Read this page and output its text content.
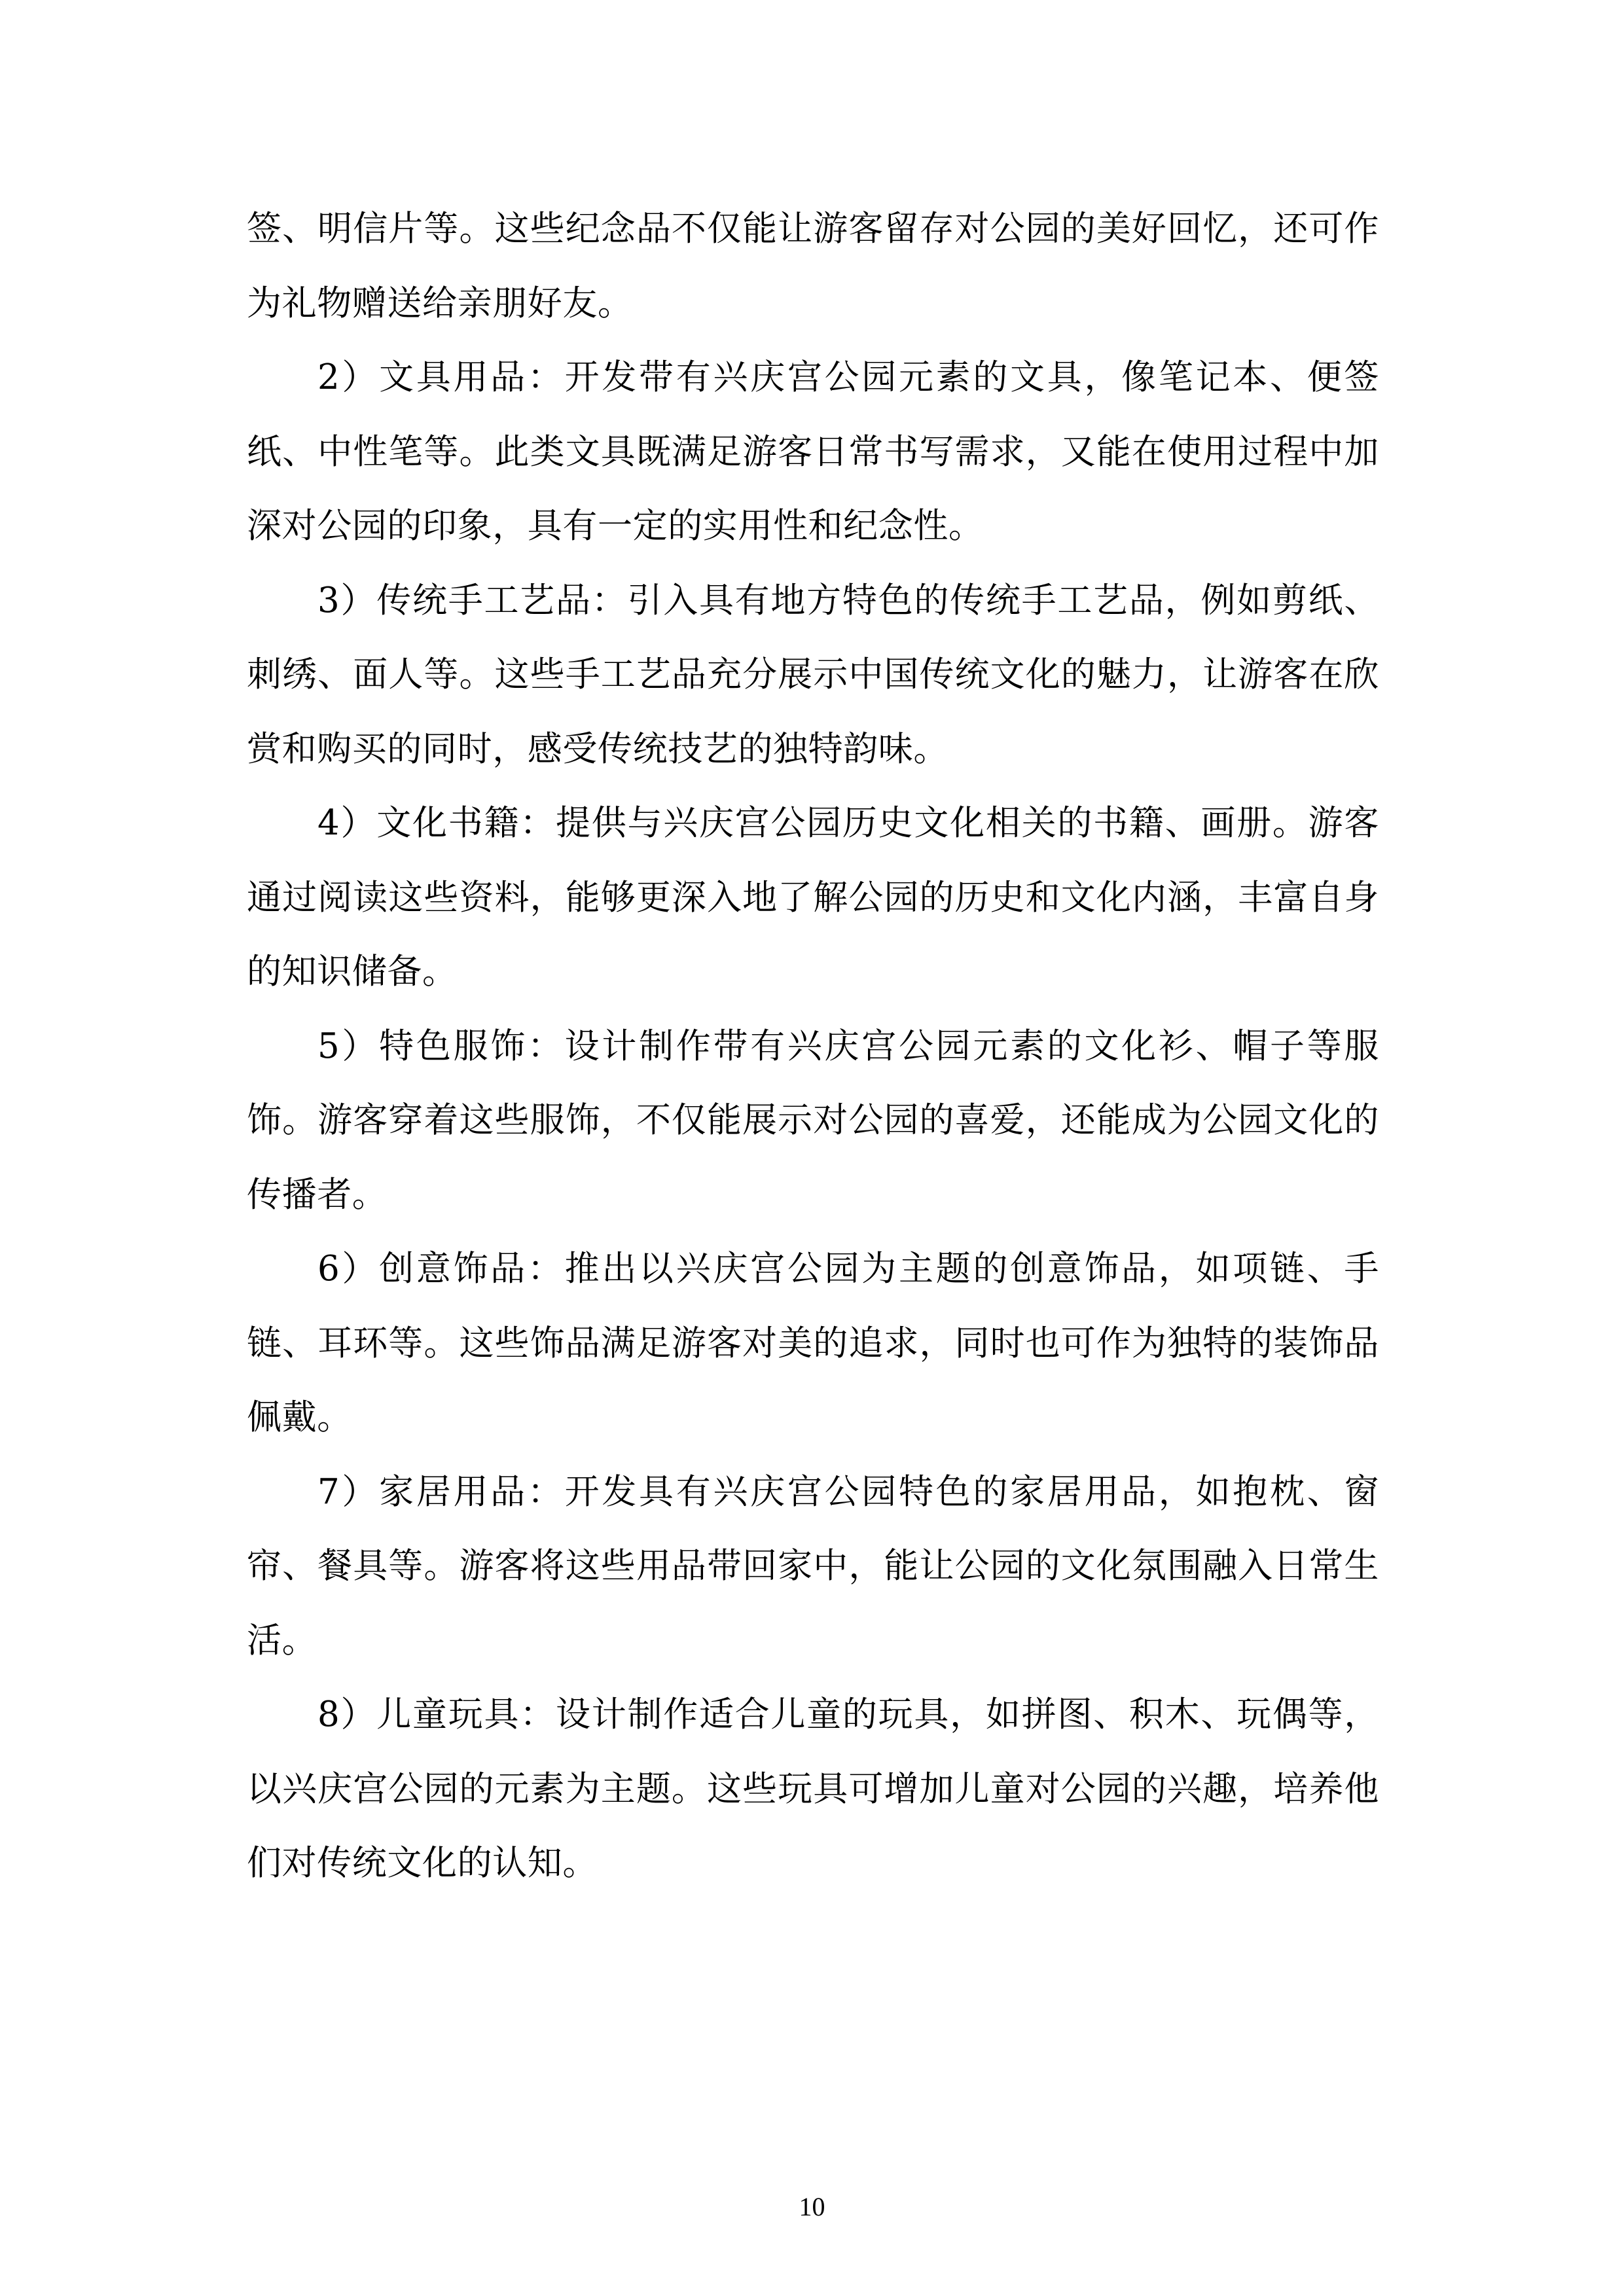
签、明信片等。这些纪念品不仅能让游客留存对公园的美好回忆，还可作为礼物赠送给亲朋好友。

2）文具用品：开发带有兴庆宫公园元素的文具，像笔记本、便签纸、中性笔等。此类文具既满足游客日常书写需求，又能在使用过程中加深对公园的印象，具有一定的实用性和纪念性。

3）传统手工艺品：引入具有地方特色的传统手工艺品，例如剪纸、刺绣、面人等。这些手工艺品充分展示中国传统文化的魅力，让游客在欣赏和购买的同时，感受传统技艺的独特韵味。

4）文化书籍：提供与兴庆宫公园历史文化相关的书籍、画册。游客通过阅读这些资料，能够更深入地了解公园的历史和文化内涵，丰富自身的知识储备。

5）特色服饰：设计制作带有兴庆宫公园元素的文化衫、帽子等服饰。游客穿着这些服饰，不仅能展示对公园的喜爱，还能成为公园文化的传播者。

6）创意饰品：推出以兴庆宫公园为主题的创意饰品，如项链、手链、耳环等。这些饰品满足游客对美的追求，同时也可作为独特的装饰品佩戴。

7）家居用品：开发具有兴庆宫公园特色的家居用品，如抱枕、窗帘、餐具等。游客将这些用品带回家中，能让公园的文化氛围融入日常生活。

8）儿童玩具：设计制作适合儿童的玩具，如拼图、积木、玩偶等，以兴庆宫公园的元素为主题。这些玩具可增加儿童对公园的兴趣，培养他们对传统文化的认知。

10
